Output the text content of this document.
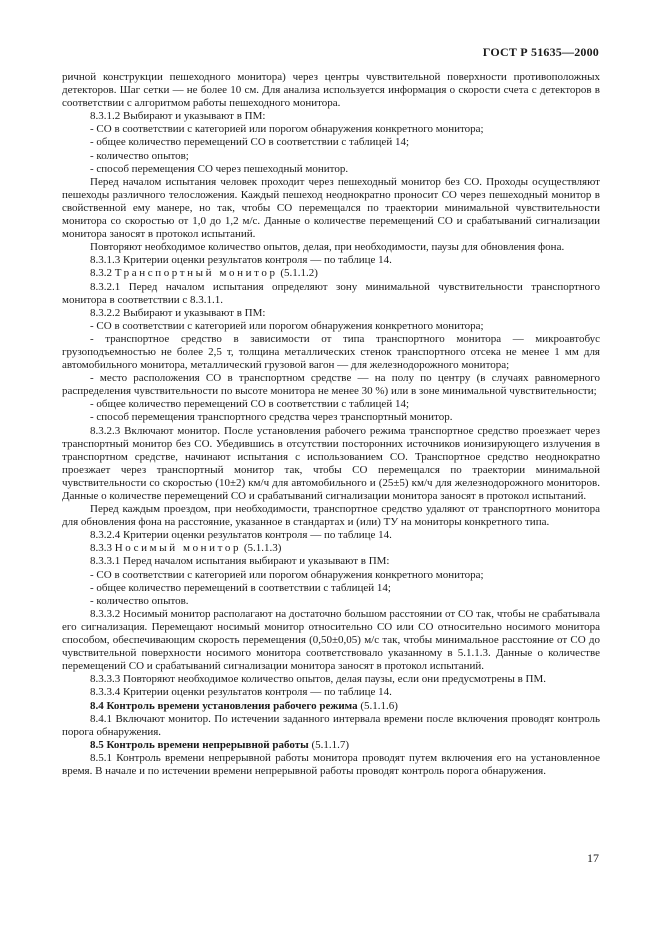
ГОСТ Р 51635—2000

ричной конструкции пешеходного монитора) через центры чувствительной поверхности противоположных детекторов. Шаг сетки — не более 10 см. Для анализа используется информация о скорости счета с детекторов в соответствии с алгоритмом работы пешеходного монитора.

8.3.1.2 Выбирают и указывают в ПМ:

- СО в соответствии с категорией или порогом обнаружения конкретного монитора;

- общее количество перемещений СО в соответствии с таблицей 14;

- количество опытов;

- способ перемещения СО через пешеходный монитор.

Перед началом испытания человек проходит через пешеходный монитор без СО. Проходы осуществляют пешеходы различного телосложения. Каждый пешеход неоднократно проносит СО через пешеходный монитор в свойственной ему манере, но так, чтобы СО перемещался по траектории минимальной чувствительности монитора со скоростью от 1,0 до 1,2 м/с. Данные о количестве перемещений СО и срабатываний сигнализации монитора заносят в протокол испытаний.

Повторяют необходимое количество опытов, делая, при необходимости, паузы для обновления фона.

8.3.1.3 Критерии оценки результатов контроля — по таблице 14.

8.3.2 Транспортный монитор (5.1.1.2)

8.3.2.1 Перед началом испытания определяют зону минимальной чувствительности транспортного монитора в соответствии с 8.3.1.1.

8.3.2.2 Выбирают и указывают в ПМ:

- СО в соответствии с категорией или порогом обнаружения конкретного монитора;

- транспортное средство в зависимости от типа транспортного монитора — микроавтобус грузоподъемностью не более 2,5 т, толщина металлических стенок транспортного отсека не менее 1 мм для автомобильного монитора, металлический грузовой вагон — для железнодорожного монитора;

- место расположения СО в транспортном средстве — на полу по центру (в случаях равномерного распределения чувствительности по высоте монитора не менее 30 %) или в зоне минимальной чувствительности;

- общее количество перемещений СО в соответствии с таблицей 14;

- способ перемещения транспортного средства через транспортный монитор.

8.3.2.3 Включают монитор. После установления рабочего режима транспортное средство проезжает через транспортный монитор без СО. Убедившись в отсутствии посторонних источников ионизирующего излучения в транспортном средстве, начинают испытания с использованием СО. Транспортное средство неоднократно проезжает через транспортный монитор так, чтобы СО перемещался по траектории минимальной чувствительности со скоростью (10±2) км/ч для автомобильного и (25±5) км/ч для железнодорожного мониторов. Данные о количестве перемещений СО и срабатываний сигнализации монитора заносят в протокол испытаний.

Перед каждым проездом, при необходимости, транспортное средство удаляют от транспортного монитора для обновления фона на расстояние, указанное в стандартах и (или) ТУ на мониторы конкретного типа.

8.3.2.4 Критерии оценки результатов контроля — по таблице 14.

8.3.3 Носимый монитор (5.1.1.3)

8.3.3.1 Перед началом испытания выбирают и указывают в ПМ:

- СО в соответствии с категорией или порогом обнаружения конкретного монитора;

- общее количество перемещений в соответствии с таблицей 14;

- количество опытов.

8.3.3.2 Носимый монитор располагают на достаточно большом расстоянии от СО так, чтобы не срабатывала его сигнализация. Перемещают носимый монитор относительно СО или СО относительно носимого монитора способом, обеспечивающим скорость перемещения (0,50±0,05) м/с так, чтобы минимальное расстояние от СО до чувствительной поверхности носимого монитора соответствовало указанному в 5.1.1.3. Данные о количестве перемещений СО и срабатываний сигнализации монитора заносят в протокол испытаний.

8.3.3.3 Повторяют необходимое количество опытов, делая паузы, если они предусмотрены в ПМ.

8.3.3.4 Критерии оценки результатов контроля — по таблице 14.

8.4 Контроль времени установления рабочего режима (5.1.1.6)

8.4.1 Включают монитор. По истечении заданного интервала времени после включения проводят контроль порога обнаружения.

8.5 Контроль времени непрерывной работы (5.1.1.7)

8.5.1 Контроль времени непрерывной работы монитора проводят путем включения его на установленное время. В начале и по истечении времени непрерывной работы проводят контроль порога обнаружения.

17
